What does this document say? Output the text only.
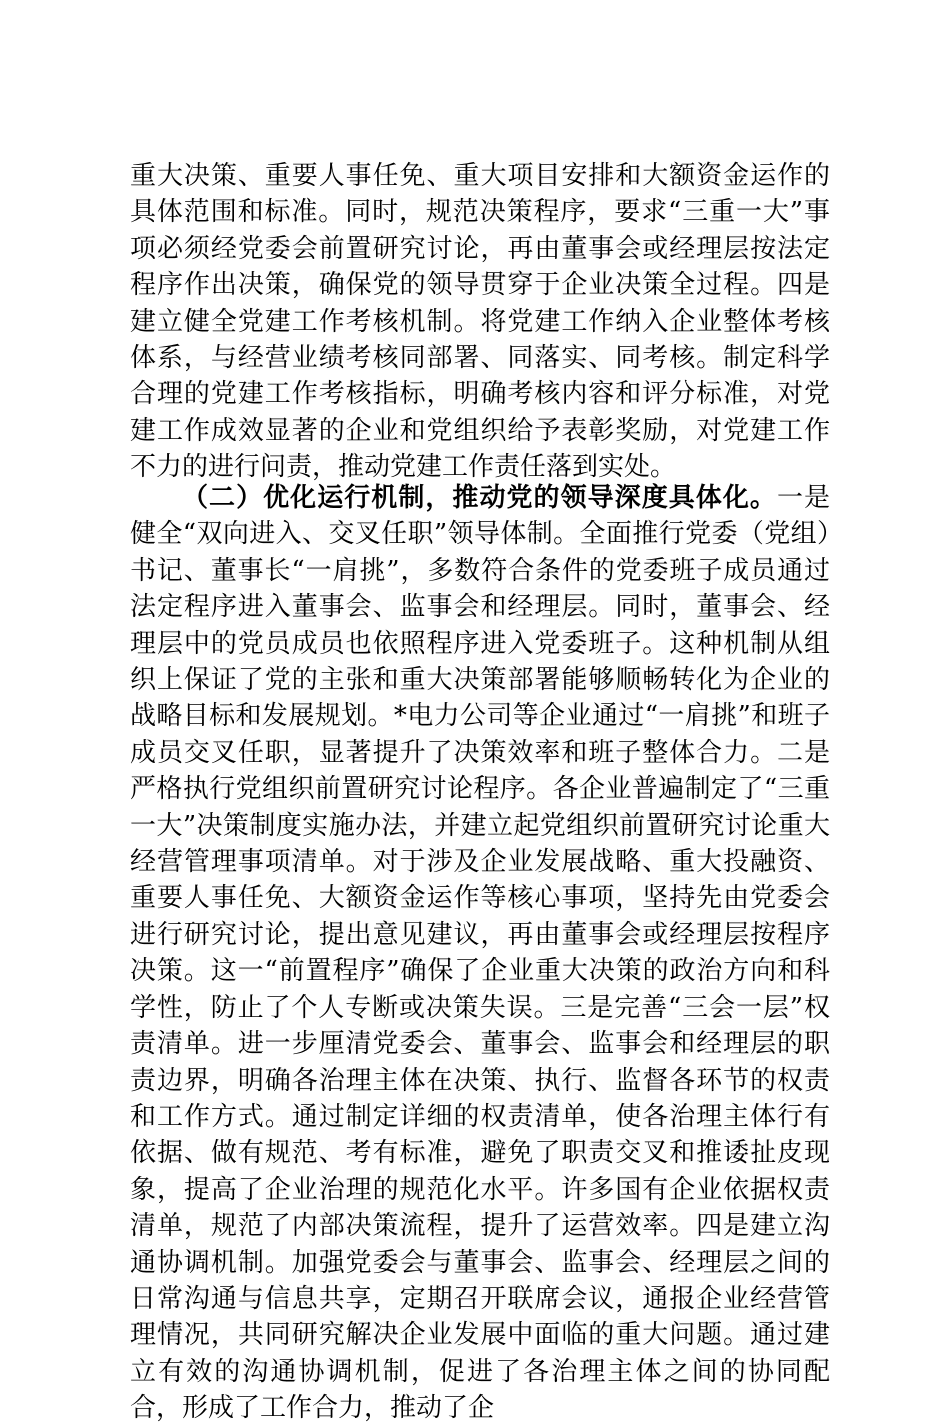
重大决策、重要人事任免、重大项目安排和大额资金运作的具体范围和标准。同时，规范决策程序，要求“三重一大”事项必须经党委会前置研究讨论，再由董事会或经理层按法定程序作出决策，确保党的领导贯穿于企业决策全过程。四是建立健全党建工作考核机制。将党建工作纳入企业整体考核体系，与经营业绩考核同部署、同落实、同考核。制定科学合理的党建工作考核指标，明确考核内容和评分标准，对党建工作成效显著的企业和党组织给予表彰奖励，对党建工作不力的进行问责，推动党建工作责任落到实处。

（二）优化运行机制，推动党的领导深度具体化。一是健全“双向进入、交叉任职”领导体制。全面推行党委（党组）书记、董事长“一肩挑”，多数符合条件的党委班子成员通过法定程序进入董事会、监事会和经理层。同时，董事会、经理层中的党员成员也依照程序进入党委班子。这种机制从组织上保证了党的主张和重大决策部署能够顺畅转化为企业的战略目标和发展规划。*电力公司等企业通过“一肩挑”和班子成员交叉任职，显著提升了决策效率和班子整体合力。二是严格执行党组织前置研究讨论程序。各企业普遍制定了“三重一大”决策制度实施办法，并建立起党组织前置研究讨论重大经营管理事项清单。对于涉及企业发展战略、重大投融资、重要人事任免、大额资金运作等核心事项，坚持先由党委会进行研究讨论，提出意见建议，再由董事会或经理层按程序决策。这一“前置程序”确保了企业重大决策的政治方向和科学性，防止了个人专断或决策失误。三是完善“三会一层”权责清单。进一步厘清党委会、董事会、监事会和经理层的职责边界，明确各治理主体在决策、执行、监督各环节的权责和工作方式。通过制定详细的权责清单，使各治理主体行有依据、做有规范、考有标准，避免了职责交叉和推诿扯皮现象，提高了企业治理的规范化水平。许多国有企业依据权责清单，规范了内部决策流程，提升了运营效率。四是建立沟通协调机制。加强党委会与董事会、监事会、经理层之间的日常沟通与信息共享，定期召开联席会议，通报企业经营管理情况，共同研究解决企业发展中面临的重大问题。通过建立有效的沟通协调机制，促进了各治理主体之间的协同配合，形成了工作合力，推动了企
